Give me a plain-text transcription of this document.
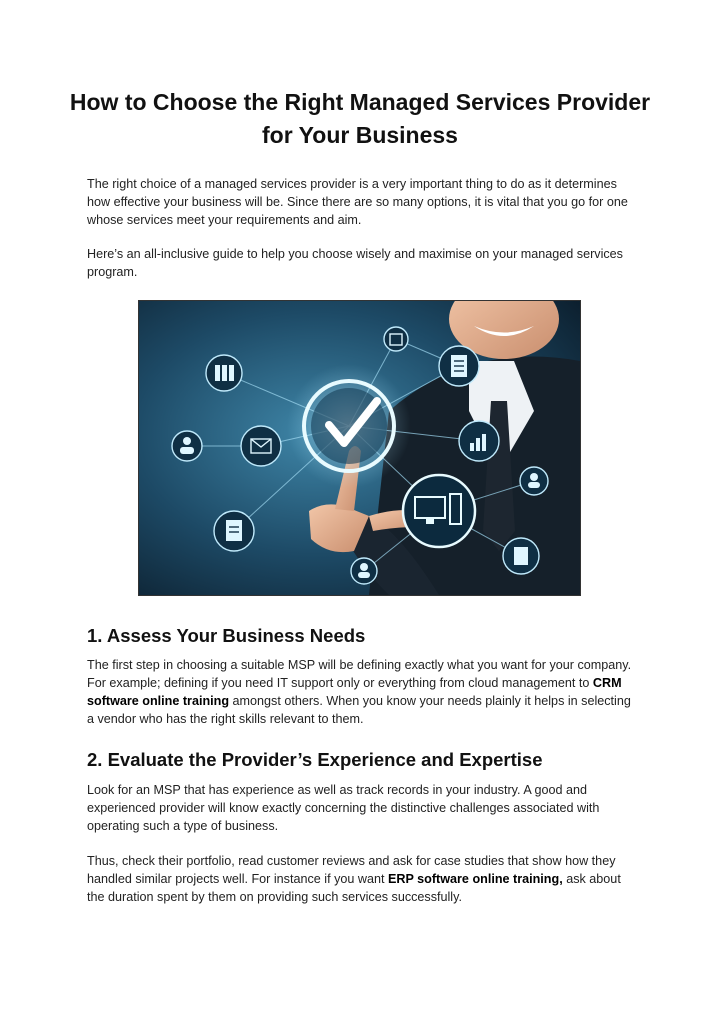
How to Choose the Right Managed Services Provider for Your Business
The right choice of a managed services provider is a very important thing to do as it determines how effective your business will be. Since there are so many options, it is vital that you go for one whose services meet your requirements and aim.
Here’s an all-inclusive guide to help you choose wisely and maximise on your managed services program.
1. Assess Your Business Needs
The first step in choosing a suitable MSP will be defining exactly what you want for your company. For example; defining if you need IT support only or everything from cloud management to CRM software online training amongst others. When you know your needs plainly it helps in selecting a vendor who has the right skills relevant to them.
2. Evaluate the Provider’s Experience and Expertise
Look for an MSP that has experience as well as track records in your industry. A good and experienced provider will know exactly concerning the distinctive challenges associated with operating such a type of business.
Thus, check their portfolio, read customer reviews and ask for case studies that show how they handled similar projects well. For instance if you want ERP software online training, ask about the duration spent by them on providing such services successfully.
